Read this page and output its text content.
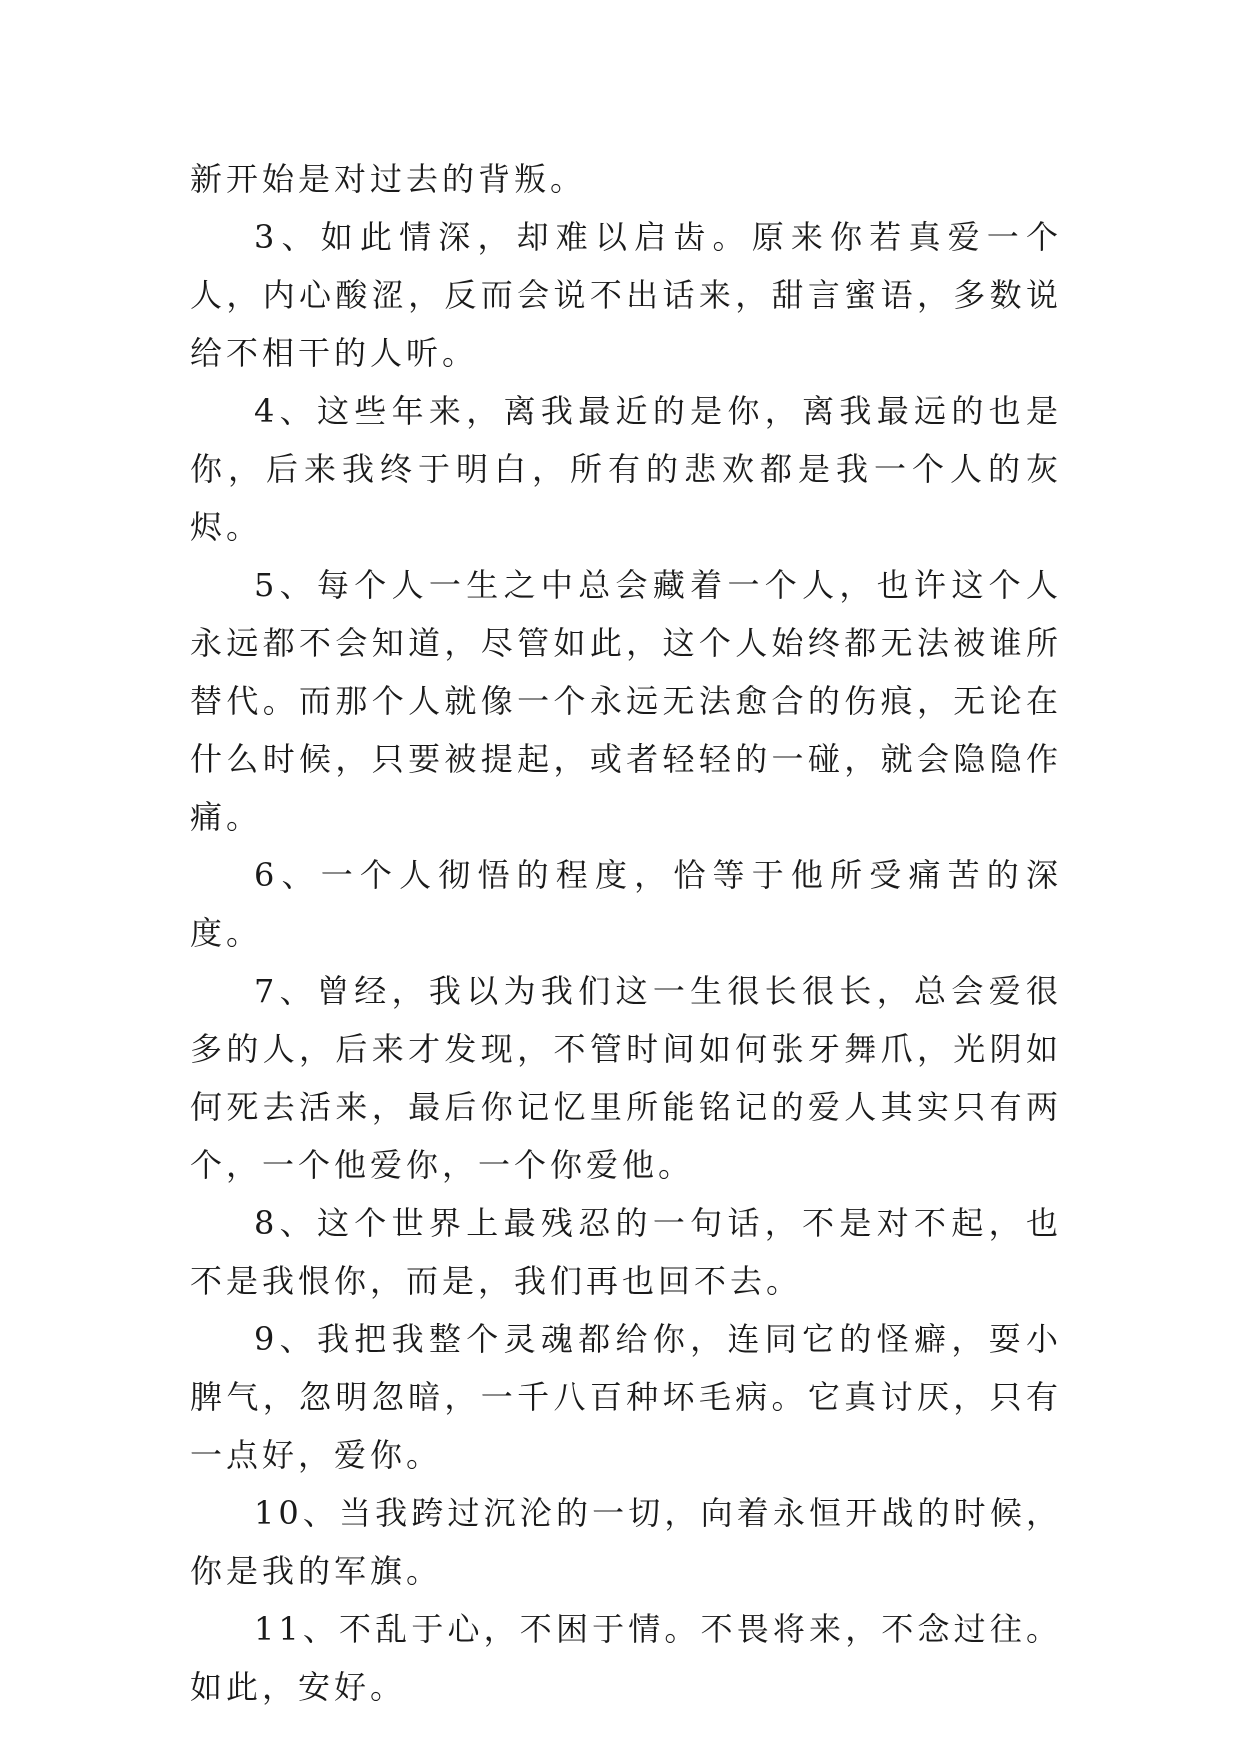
新开始是对过去的背叛。

3、如此情深，却难以启齿。原来你若真爱一个人，内心酸涩，反而会说不出话来，甜言蜜语，多数说给不相干的人听。

4、这些年来，离我最近的是你，离我最远的也是你，后来我终于明白，所有的悲欢都是我一个人的灰烬。

5、每个人一生之中总会藏着一个人，也许这个人永远都不会知道，尽管如此，这个人始终都无法被谁所替代。而那个人就像一个永远无法愈合的伤痕，无论在什么时候，只要被提起，或者轻轻的一碰，就会隐隐作痛。

6、一个人彻悟的程度，恰等于他所受痛苦的深度。

7、曾经，我以为我们这一生很长很长，总会爱很多的人，后来才发现，不管时间如何张牙舞爪，光阴如何死去活来，最后你记忆里所能铭记的爱人其实只有两个，一个他爱你，一个你爱他。

8、这个世界上最残忍的一句话，不是对不起，也不是我恨你，而是，我们再也回不去。

9、我把我整个灵魂都给你，连同它的怪癖，耍小脾气，忽明忽暗，一千八百种坏毛病。它真讨厌，只有一点好，爱你。

10、当我跨过沉沦的一切，向着永恒开战的时候，你是我的军旗。

11、不乱于心，不困于情。不畏将来，不念过往。如此，安好。
